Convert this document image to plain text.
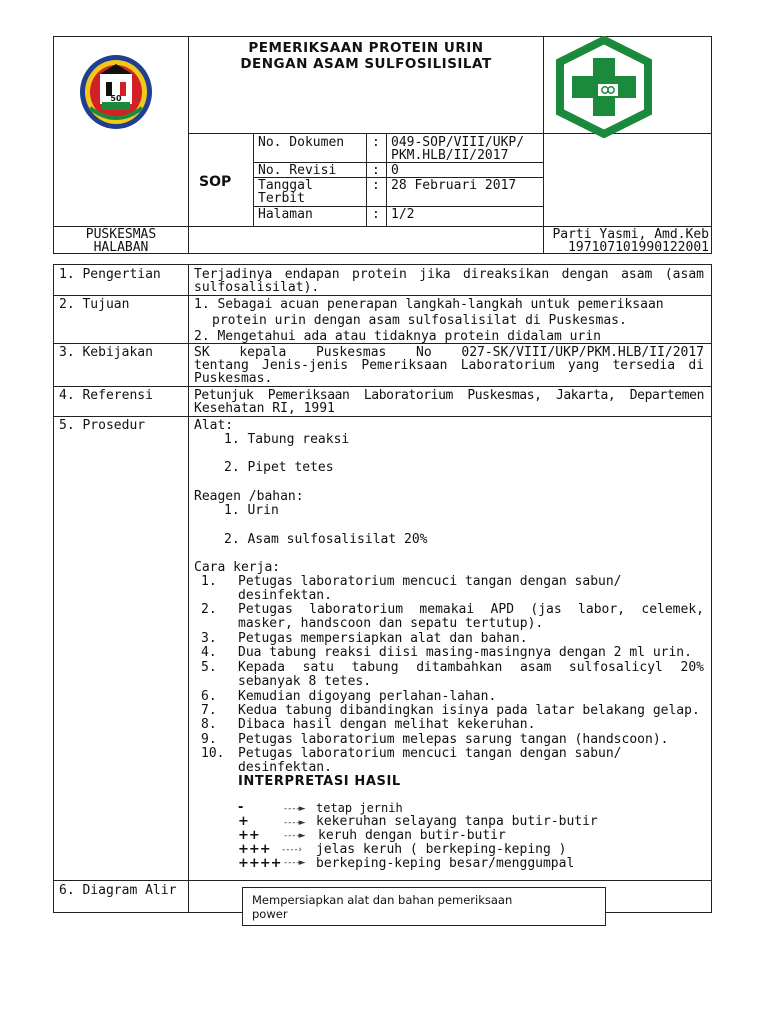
50
PEMERIKSAAN PROTEIN URIN
DENGAN ASAM SULFOSILISILAT
SOP
No. Dokumen : 049-SOP/VIII/UKP/
PKM.HLB/II/2017
No. Revisi	: 0
Tanggal
Terbit
: 28 Februari 2017
Halaman	: 1/2
PUSKESMAS
HALABAN
Parti Yasmi, Amd.Keb
197107101990122001
1. Pengertian	Terjadinya endapan protein jika direaksikan dengan asam (asam
sulfosalisilat).
2. Tujuan	1. Sebagai acuan penerapan langkah-langkah untuk pemeriksaan
protein urin dengan asam sulfosalisilat di Puskesmas.
2. Mengetahui ada atau tidaknya protein didalam urin
3. Kebijakan	SK kepala Puskesmas No 027-SK/VIII/UKP/PKM.HLB/II/2017
tentang Jenis-jenis Pemeriksaan Laboratorium yang tersedia di
Puskesmas.
4. Referensi	Petunjuk Pemeriksaan Laboratorium Puskesmas, Jakarta, Departemen
Kesehatan RI, 1991
5. Prosedur	Alat:
1. Tabung reaksi
2. Pipet tetes
Reagen /bahan:
1. Urin
2. Asam sulfosalisilat 20%
Cara kerja:
1. Petugas laboratorium mencuci tangan dengan sabun/
desinfektan.
2. Petugas laboratorium memakai APD (jas labor, celemek,
masker, handscoon dan sepatu tertutup).
3. Petugas mempersiapkan alat dan bahan.
4. Dua tabung reaksi diisi masing-masingnya dengan 2 ml urin.
5. Kepada satu tabung ditambahkan asam sulfosalicyl 20%
sebanyak 8 tetes.
6. Kemudian digoyang perlahan-lahan.
7. Kedua tabung dibandingkan isinya pada latar belakang gelap.
8. Dibaca hasil dengan melihat kekeruhan.
9. Petugas laboratorium melepas sarung tangan (handscoon).
10. Petugas laboratorium mencuci tangan dengan sabun/
desinfektan.
INTERPRETASI HASIL
-	- - - -► tetap jernih
+	- - - -► kekeruhan selayang tanpa butir-butir
++	- - - -► keruh dengan butir-butir
+++ - - - - › jelas keruh ( berkeping-keping )
++++ - - - -► berkeping-keping besar/menggumpal
6. Diagram Alir
Mempersiapkan alat dan bahan pemeriksaan
power
